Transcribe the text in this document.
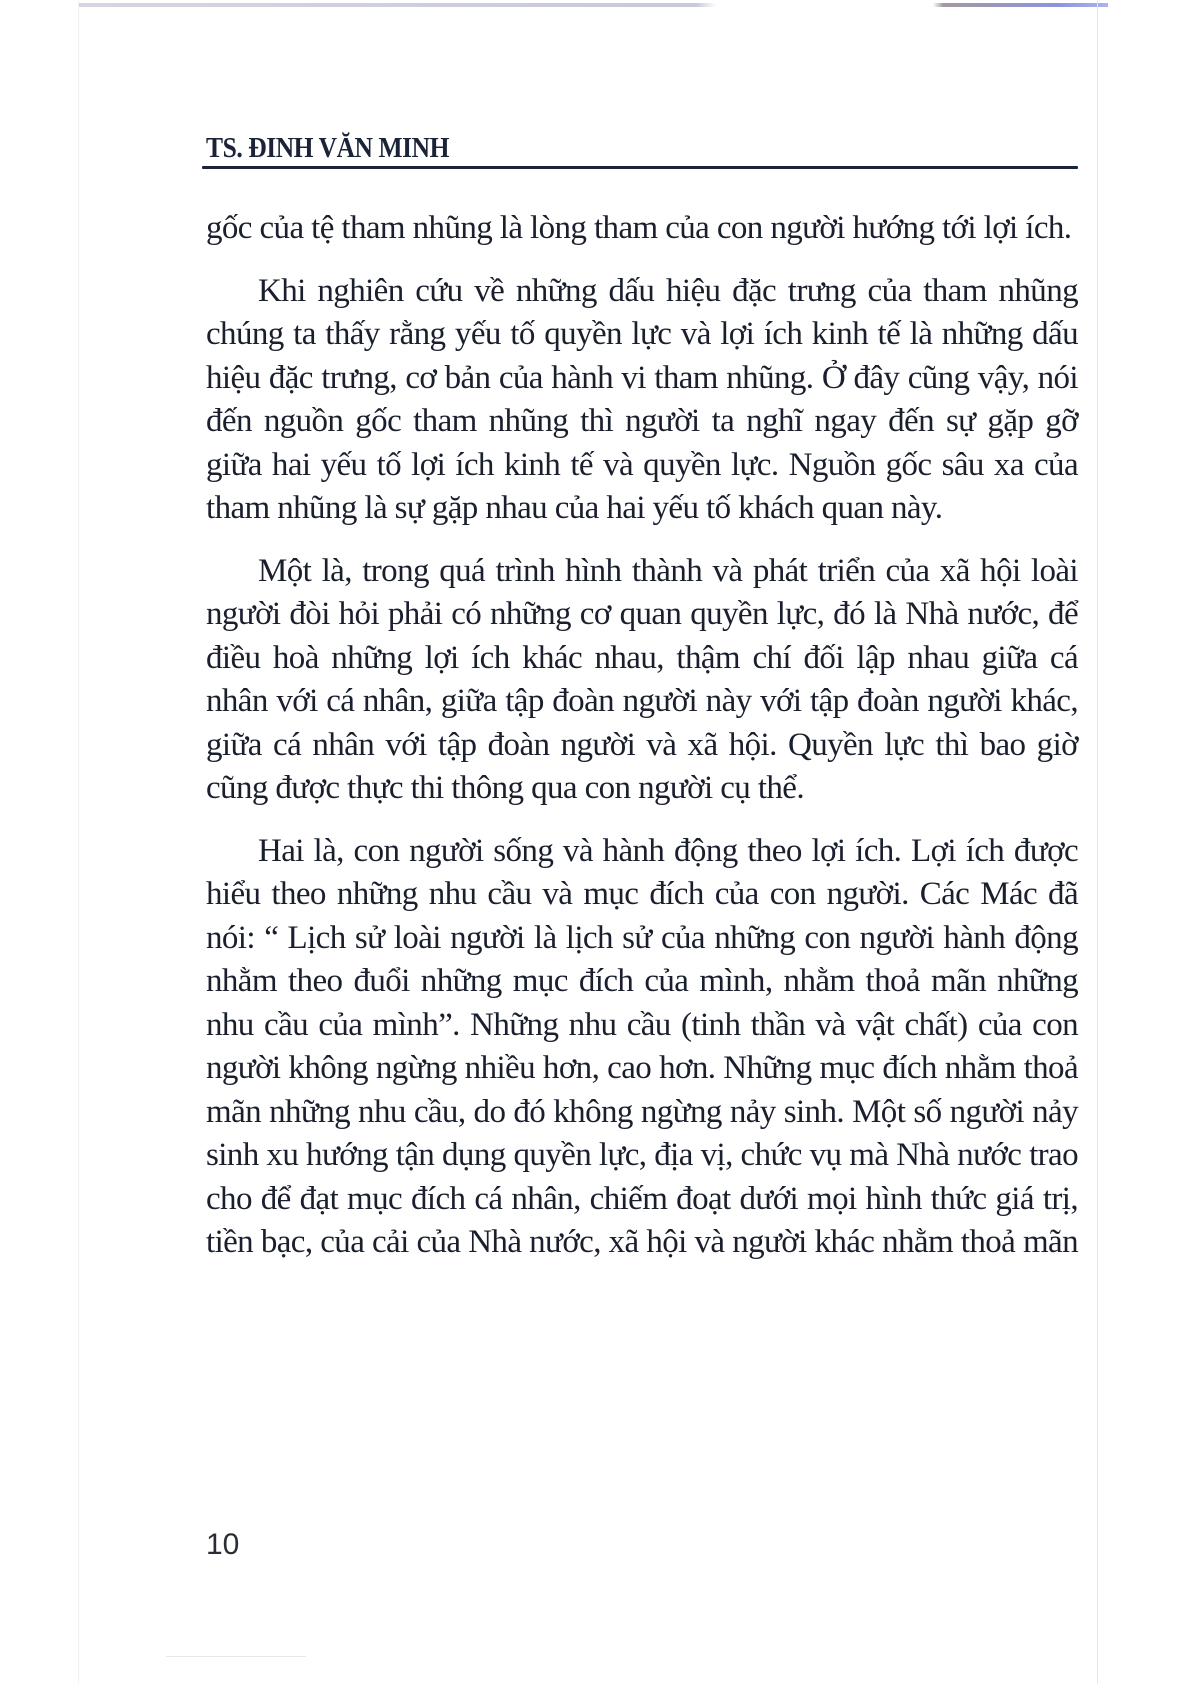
TS. ĐINH VĂN MINH

gốc của tệ tham nhũng là lòng tham của con người hướng tới lợi ích.

Khi nghiên cứu về những dấu hiệu đặc trưng của tham nhũng chúng ta thấy rằng yếu tố quyền lực và lợi ích kinh tế là những dấu hiệu đặc trưng, cơ bản của hành vi tham nhũng. Ở đây cũng vậy, nói đến nguồn gốc tham nhũng thì người ta nghĩ ngay đến sự gặp gỡ giữa hai yếu tố lợi ích kinh tế và quyền lực. Nguồn gốc sâu xa của tham nhũng là sự gặp nhau của hai yếu tố khách quan này.

Một là, trong quá trình hình thành và phát triển của xã hội loài người đòi hỏi phải có những cơ quan quyền lực, đó là Nhà nước, để điều hoà những lợi ích khác nhau, thậm chí đối lập nhau giữa cá nhân với cá nhân, giữa tập đoàn người này với tập đoàn người khác, giữa cá nhân với tập đoàn người và xã hội. Quyền lực thì bao giờ cũng được thực thi thông qua con người cụ thể.

Hai là, con người sống và hành động theo lợi ích. Lợi ích được hiểu theo những nhu cầu và mục đích của con người. Các Mác đã nói: “ Lịch sử loài người là lịch sử của những con người hành động nhằm theo đuổi những mục đích của mình, nhằm thoả mãn những nhu cầu của mình”. Những nhu cầu (tinh thần và vật chất) của con người không ngừng nhiều hơn, cao hơn. Những mục đích nhằm thoả mãn những nhu cầu, do đó không ngừng nảy sinh. Một số người nảy sinh xu hướng tận dụng quyền lực, địa vị, chức vụ mà Nhà nước trao cho để đạt mục đích cá nhân, chiếm đoạt dưới mọi hình thức giá trị, tiền bạc, của cải của Nhà nước, xã hội và người khác nhằm thoả mãn

10
